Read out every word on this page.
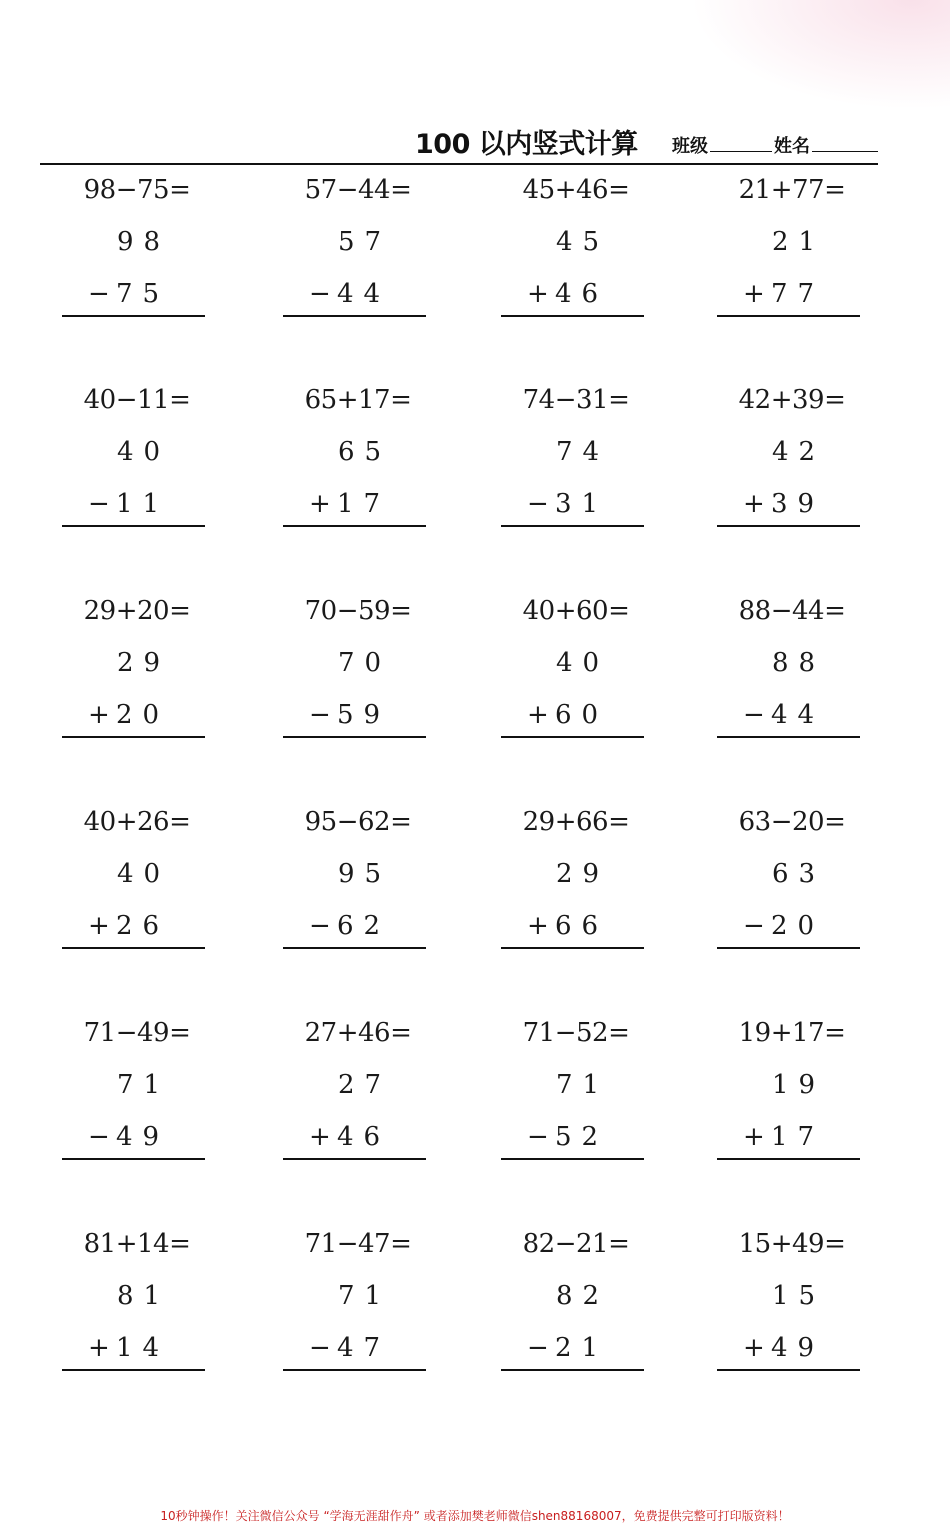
100 以内竖式计算 班级	姓名
98−75=
98
− 75
57−44=
57
− 44
45+46=
45
+ 46
21+77=
21
+ 77
40−11=
40
− 11
65+17=
65
+ 17
74−31=
74
− 31
42+39=
42
+ 39
29+20=
29
+ 20
70−59=
70
− 59
40+60=
40
+ 60
88−44=
88
− 44
40+26=
40
+ 26
95−62=
95
− 62
29+66=
29
+ 66
63−20=
63
− 20
71−49=
71
− 49
27+46=
27
+ 46
71−52=
71
− 52
19+17=
19
+ 17
81+14=
81
+ 14
71−47=
71
− 47
82−21=
82
− 21
15+49=
15
+ 49
10秒钟操作！关注微信公众号 “学海无涯甜作舟” 或者添加樊老师微信shen88168007，免费提供完整可打印版资料！
